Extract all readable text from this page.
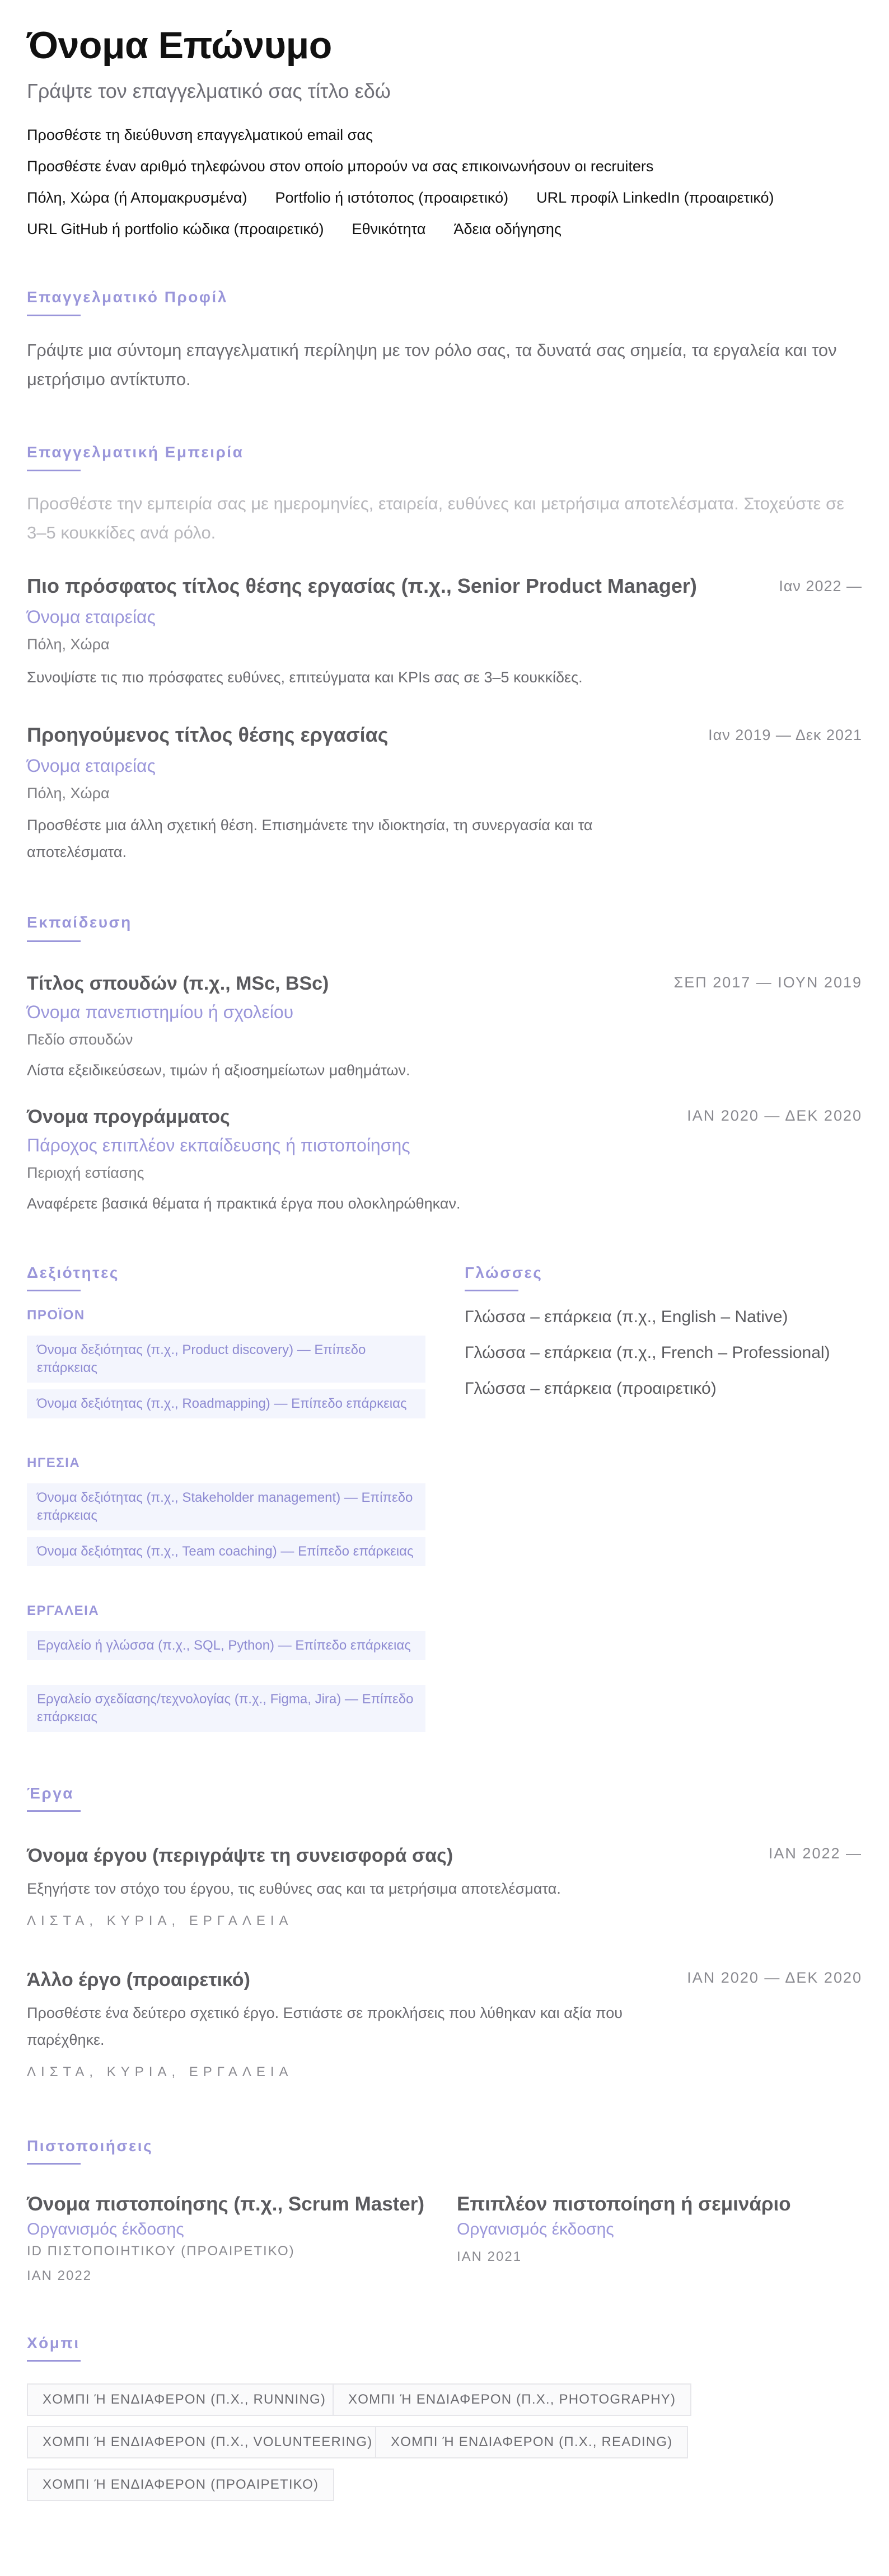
Όνομα Επώνυμο
Γράψτε τον επαγγελματικό σας τίτλο εδώ
Προσθέστε τη διεύθυνση επαγγελματικού email σας
Προσθέστε έναν αριθμό τηλεφώνου στον οποίο μπορούν να σας επικοινωνήσουν οι recruiters
Πόλη, Χώρα (ή Απομακρυσμένα) Portfolio ή ιστότοπος (προαιρετικό) URL προφίλ LinkedIn (προαιρετικό)
URL GitHub ή portfolio κώδικα (προαιρετικό) Εθνικότητα Άδεια οδήγησης
Επαγγελματικό Προφίλ
Γράψτε μια σύντομη επαγγελματική περίληψη με τον ρόλο σας, τα δυνατά σας σημεία, τα εργαλεία και τον μετρήσιμο αντίκτυπο.
Επαγγελματική Εμπειρία
Προσθέστε την εμπειρία σας με ημερομηνίες, εταιρεία, ευθύνες και μετρήσιμα αποτελέσματα. Στοχεύστε σε 3–5 κουκκίδες ανά ρόλο.
Πιο πρόσφατος τίτλος θέσης εργασίας (π.χ., Senior Product Manager)	Ιαν 2022 —
Όνομα εταιρείας
Πόλη, Χώρα
Συνοψίστε τις πιο πρόσφατες ευθύνες, επιτεύγματα και KPIs σας σε 3–5 κουκκίδες.
Προηγούμενος τίτλος θέσης εργασίας	Ιαν 2019 — Δεκ 2021
Όνομα εταιρείας
Πόλη, Χώρα
Προσθέστε μια άλλη σχετική θέση. Επισημάνετε την ιδιοκτησία, τη συνεργασία και τα αποτελέσματα.
Εκπαίδευση
Τίτλος σπουδών (π.χ., MSc, BSc)	ΣΕΠ 2017 — ΙΟΥΝ 2019
Όνομα πανεπιστημίου ή σχολείου
Πεδίο σπουδών
Λίστα εξειδικεύσεων, τιμών ή αξιοσημείωτων μαθημάτων.
Όνομα προγράμματος	ΙΑΝ 2020 — ΔΕΚ 2020
Πάροχος επιπλέον εκπαίδευσης ή πιστοποίησης
Περιοχή εστίασης
Αναφέρετε βασικά θέματα ή πρακτικά έργα που ολοκληρώθηκαν.
Δεξιότητες
ΠΡΟΪΟΝ
Όνομα δεξιότητας (π.χ., Product discovery) — Επίπεδο επάρκειας
Όνομα δεξιότητας (π.χ., Roadmapping) — Επίπεδο επάρκειας
ΗΓΕΣΙΑ
Όνομα δεξιότητας (π.χ., Stakeholder management) — Επίπεδο επάρκειας
Όνομα δεξιότητας (π.χ., Team coaching) — Επίπεδο επάρκειας
ΕΡΓΑΛΕΙΑ
Εργαλείο ή γλώσσα (π.χ., SQL, Python) — Επίπεδο επάρκειας
Εργαλείο σχεδίασης/τεχνολογίας (π.χ., Figma, Jira) — Επίπεδο επάρκειας
Γλώσσες
Γλώσσα – επάρκεια (π.χ., English – Native)
Γλώσσα – επάρκεια (π.χ., French – Professional)
Γλώσσα – επάρκεια (προαιρετικό)
Έργα
Όνομα έργου (περιγράψτε τη συνεισφορά σας)	ΙΑΝ 2022 —
Εξηγήστε τον στόχο του έργου, τις ευθύνες σας και τα μετρήσιμα αποτελέσματα.
ΛΙΣΤΑ, ΚΥΡΙΑ, ΕΡΓΑΛΕΙΑ
Άλλο έργο (προαιρετικό)	ΙΑΝ 2020 — ΔΕΚ 2020
Προσθέστε ένα δεύτερο σχετικό έργο. Εστιάστε σε προκλήσεις που λύθηκαν και αξία που παρέχθηκε.
ΛΙΣΤΑ, ΚΥΡΙΑ, ΕΡΓΑΛΕΙΑ
Πιστοποιήσεις
Όνομα πιστοποίησης (π.χ., Scrum Master)
Οργανισμός έκδοσης
ID ΠΙΣΤΟΠΟΙΗΤΙΚΟΥ (ΠΡΟΑΙΡΕΤΙΚΟ)
ΙΑΝ 2022
Επιπλέον πιστοποίηση ή σεμινάριο
Οργανισμός έκδοσης
ΙΑΝ 2021
Χόμπι
ΧΟΜΠΙ Ή ΕΝΔΙΑΦΕΡΟΝ (Π.Χ., RUNNING)	ΧΟΜΠΙ Ή ΕΝΔΙΑΦΕΡΟΝ (Π.Χ., PHOTOGRAPHY)
ΧΟΜΠΙ Ή ΕΝΔΙΑΦΕΡΟΝ (Π.Χ., VOLUNTEERING)	ΧΟΜΠΙ Ή ΕΝΔΙΑΦΕΡΟΝ (Π.Χ., READING)
ΧΟΜΠΙ Ή ΕΝΔΙΑΦΕΡΟΝ (ΠΡΟΑΙΡΕΤΙΚΟ)
